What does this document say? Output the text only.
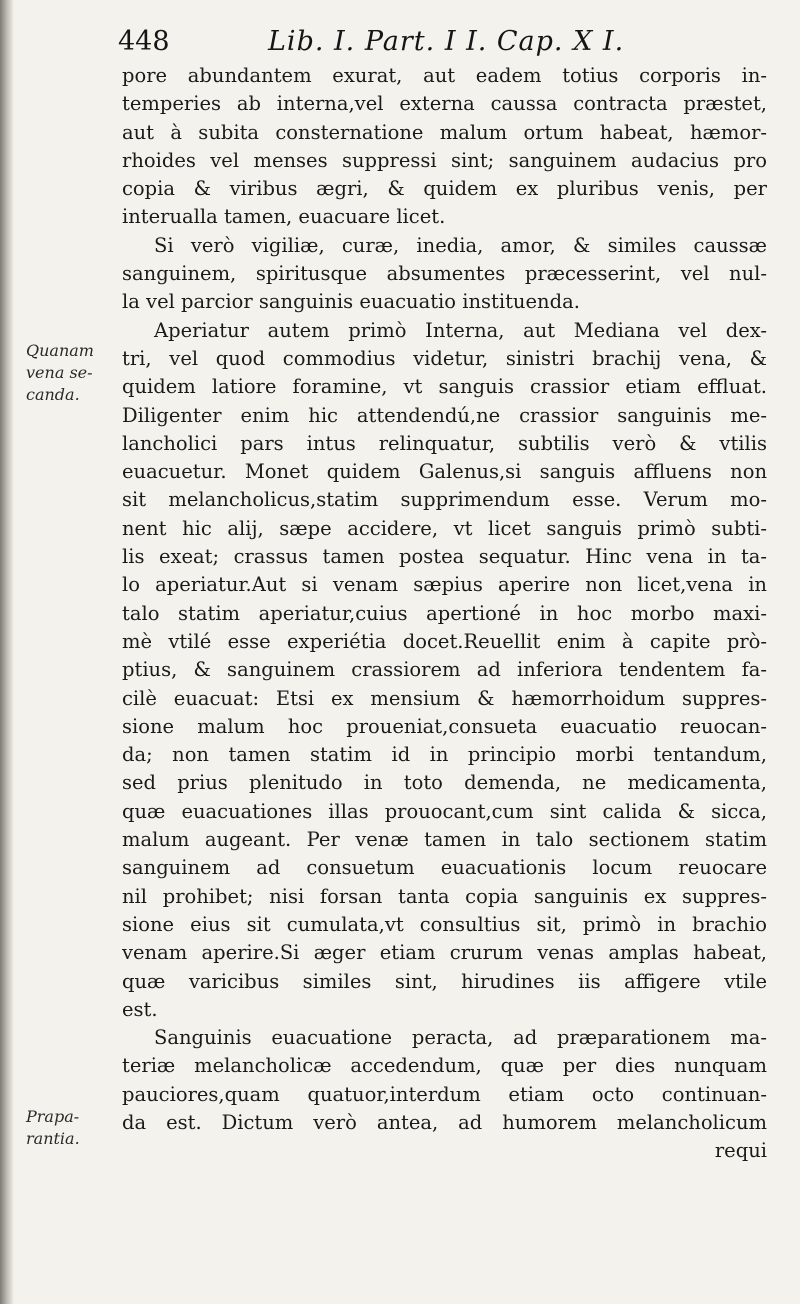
448	Lib. I. Part. I I. Cap. X I.
Quanam
vena se-
canda.
Prapa-
rantia.
pore abundantem exurat, aut eadem totius corporis in-
temperies ab interna,vel externa caussa contracta præstet,
aut à subita consternatione malum ortum habeat, hæmor-
rhoides vel menses suppressi sint; sanguinem audacius pro
copia & viribus ægri, & quidem ex pluribus venis, per
interualla tamen, euacuare licet.
Si verò vigiliæ, curæ, inedia, amor, & similes caussæ
sanguinem, spiritusque absumentes præcesserint, vel nul-
la vel parcior sanguinis euacuatio instituenda.
Aperiatur autem primò Interna, aut Mediana vel dex-
tri, vel quod commodius videtur, sinistri brachij vena, &
quidem latiore foramine, vt sanguis crassior etiam effluat.
Diligenter enim hic attendendú,ne crassior sanguinis me-
lancholici pars intus relinquatur, subtilis verò & vtilis
euacuetur. Monet quidem Galenus,si sanguis affluens non
sit melancholicus,statim supprimendum esse. Verum mo-
nent hic alij, sæpe accidere, vt licet sanguis primò subti-
lis exeat; crassus tamen postea sequatur. Hinc vena in ta-
lo aperiatur.Aut si venam sæpius aperire non licet,vena in
talo statim aperiatur,cuius apertioné in hoc morbo maxi-
mè vtilé esse experiétia docet.Reuellit enim à capite prò-
ptius, & sanguinem crassiorem ad inferiora tendentem fa-
cilè euacuat: Etsi ex mensium & hæmorrhoidum suppres-
sione malum hoc proueniat,consueta euacuatio reuocan-
da; non tamen statim id in principio morbi tentandum,
sed prius plenitudo in toto demenda, ne medicamenta,
quæ euacuationes illas prouocant,cum sint calida & sicca,
malum augeant. Per venæ tamen in talo sectionem statim
sanguinem ad consuetum euacuationis locum reuocare
nil prohibet; nisi forsan tanta copia sanguinis ex suppres-
sione eius sit cumulata,vt consultius sit, primò in brachio
venam aperire.Si æger etiam crurum venas amplas habeat,
quæ varicibus similes sint, hirudines iis affigere vtile
est.
Sanguinis euacuatione peracta, ad præparationem ma-
teriæ melancholicæ accedendum, quæ per dies nunquam
pauciores,quam quatuor,interdum etiam octo continuan-
da est. Dictum verò antea, ad humorem melancholicum
requi
